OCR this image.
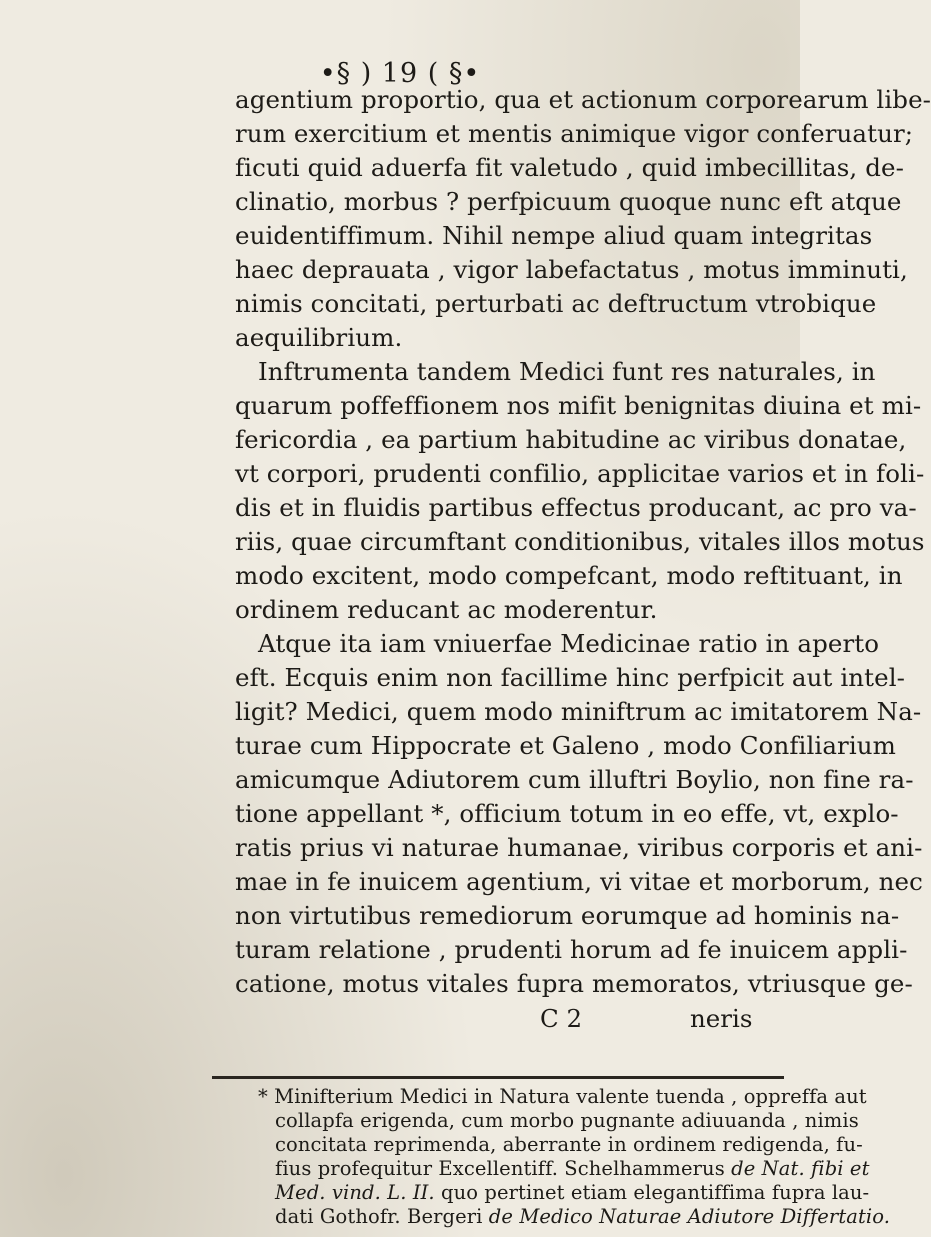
•§ ) 19 ( §•
agentium proportio, qua et actionum corporearum libe-
rum exercitium et mentis animique vigor conferuatur;
ficuti quid aduerfa fit valetudo , quid imbecillitas, de-
clinatio, morbus ? perfpicuum quoque nunc eft atque
euidentiffimum. Nihil nempe aliud quam integritas
haec deprauata , vigor labefactatus , motus imminuti,
nimis concitati, perturbati ac deftructum vtrobique
aequilibrium.
Inftrumenta tandem Medici funt res naturales, in
quarum poffeffionem nos mifit benignitas diuina et mi-
fericordia , ea partium habitudine ac viribus donatae,
vt corpori, prudenti confilio, applicitae varios et in foli-
dis et in fluidis partibus effectus producant, ac pro va-
riis, quae circumftant conditionibus, vitales illos motus
modo excitent, modo compefcant, modo reftituant, in
ordinem reducant ac moderentur.
Atque ita iam vniuerfae Medicinae ratio in aperto
eft. Ecquis enim non facillime hinc perfpicit aut intel-
ligit? Medici, quem modo miniftrum ac imitatorem Na-
turae cum Hippocrate et Galeno , modo Confiliarium
amicumque Adiutorem cum illuftri Boylio, non fine ra-
tione appellant *, officium totum in eo effe, vt, explo-
ratis prius vi naturae humanae, viribus corporis et ani-
mae in fe inuicem agentium, vi vitae et morborum, nec
non virtutibus remediorum eorumque ad hominis na-
turam relatione , prudenti horum ad fe inuicem appli-
catione, motus vitales fupra memoratos, vtriusque ge-
C 2	neris
* Minifterium Medici in Natura valente tuenda , oppreffa aut
collapfa erigenda, cum morbo pugnante adiuuanda , nimis
concitata reprimenda, aberrante in ordinem redigenda, fu-
fius profequitur Excellentiff. Schelhammerus de Nat. fibi et
Med. vind. L. II. quo pertinet etiam elegantiffima fupra lau-
dati Gothofr. Bergeri de Medico Naturae Adiutore Differtatio.
